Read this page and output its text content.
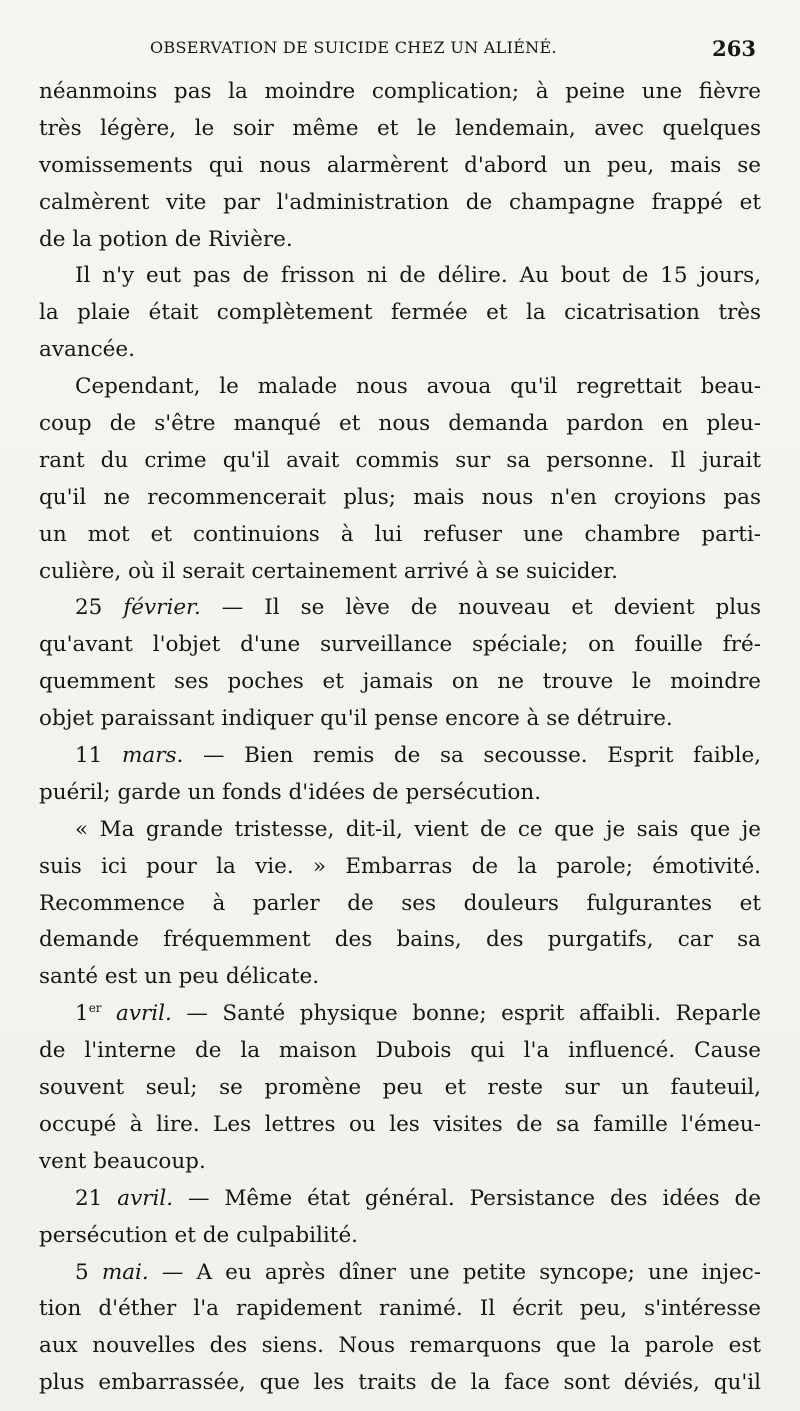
OBSERVATION DE SUICIDE CHEZ UN ALIÉNÉ.	263
néanmoins pas la moindre complication; à peine une fièvre
très légère, le soir même et le lendemain, avec quelques
vomissements qui nous alarmèrent d'abord un peu, mais se
calmèrent vite par l'administration de champagne frappé et
de la potion de Rivière.
Il n'y eut pas de frisson ni de délire. Au bout de 15 jours,
la plaie était complètement fermée et la cicatrisation très
avancée.
Cependant, le malade nous avoua qu'il regrettait beau-
coup de s'être manqué et nous demanda pardon en pleu-
rant du crime qu'il avait commis sur sa personne. Il jurait
qu'il ne recommencerait plus; mais nous n'en croyions pas
un mot et continuions à lui refuser une chambre parti-
culière, où il serait certainement arrivé à se suicider.
25 février. — Il se lève de nouveau et devient plus
qu'avant l'objet d'une surveillance spéciale; on fouille fré-
quemment ses poches et jamais on ne trouve le moindre
objet paraissant indiquer qu'il pense encore à se détruire.
11 mars. — Bien remis de sa secousse. Esprit faible,
puéril; garde un fonds d'idées de persécution.
« Ma grande tristesse, dit-il, vient de ce que je sais que je
suis ici pour la vie. » Embarras de la parole; émotivité.
Recommence à parler de ses douleurs fulgurantes et
demande fréquemment des bains, des purgatifs, car sa
santé est un peu délicate.
1er avril. — Santé physique bonne; esprit affaibli. Reparle
de l'interne de la maison Dubois qui l'a influencé. Cause
souvent seul; se promène peu et reste sur un fauteuil,
occupé à lire. Les lettres ou les visites de sa famille l'émeu-
vent beaucoup.
21 avril. — Même état général. Persistance des idées de
persécution et de culpabilité.
5 mai. — A eu après dîner une petite syncope; une injec-
tion d'éther l'a rapidement ranimé. Il écrit peu, s'intéresse
aux nouvelles des siens. Nous remarquons que la parole est
plus embarrassée, que les traits de la face sont déviés, qu'il
